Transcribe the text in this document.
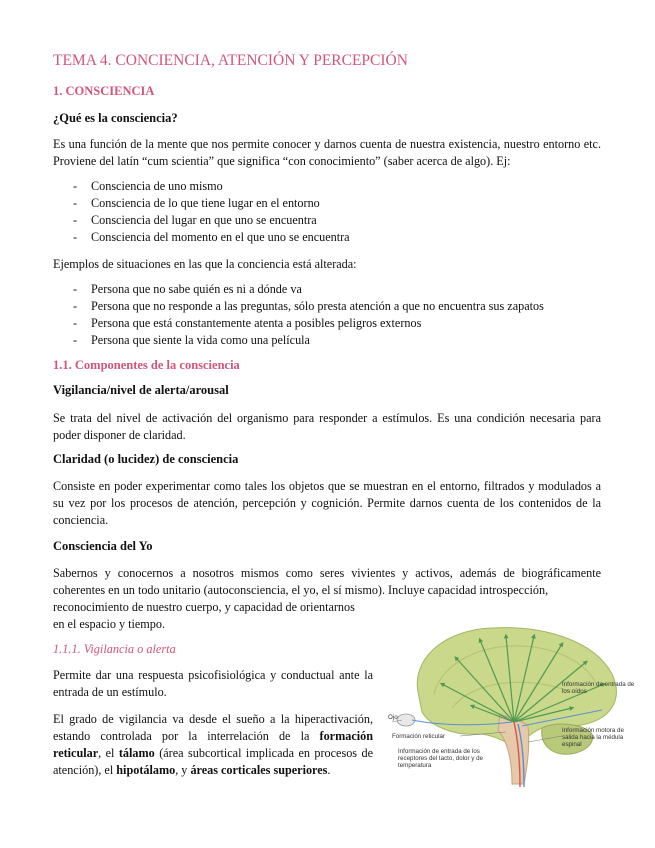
TEMA 4. CONCIENCIA, ATENCIÓN Y PERCEPCIÓN
1. CONSCIENCIA
¿Qué es la consciencia?
Es una función de la mente que nos permite conocer y darnos cuenta de nuestra existencia, nuestro entorno etc. Proviene del latín “cum scientia” que significa “con conocimiento” (saber acerca de algo). Ej:
- Consciencia de uno mismo
- Consciencia de lo que tiene lugar en el entorno
- Consciencia del lugar en que uno se encuentra
- Consciencia del momento en el que uno se encuentra
Ejemplos de situaciones en las que la conciencia está alterada:
- Persona que no sabe quién es ni a dónde va
- Persona que no responde a las preguntas, sólo presta atención a que no encuentra sus zapatos
- Persona que está constantemente atenta a posibles peligros externos
- Persona que siente la vida como una película
1.1. Componentes de la consciencia
Vigilancia/nivel de alerta/arousal
Se trata del nivel de activación del organismo para responder a estímulos. Es una condición necesaria para poder disponer de claridad.
Claridad (o lucidez) de consciencia
Consiste en poder experimentar como tales los objetos que se muestran en el entorno, filtrados y modulados a su vez por los procesos de atención, percepción y cognición. Permite darnos cuenta de los contenidos de la conciencia.
Consciencia del Yo
Sabernos y conocernos a nosotros mismos como seres vivientes y activos, además de biográficamente coherentes en un todo unitario (autoconsciencia, el yo, el sí mismo). Incluye capacidad introspección,
reconocimiento de nuestro cuerpo, y capacidad de orientarnos
en el espacio y tiempo.
1.1.1. Vigilancia o alerta
Permite dar una respuesta psicofisiológica y conductual ante la entrada de un estímulo.
El grado de vigilancia va desde el sueño a la hiperactivación, estando controlada por la interrelación de la formación reticular, el tálamo (área subcortical implicada en procesos de atención), el hipotálamo, y áreas corticales superiores.
Ojo
Formación reticular
Información de entrada de los receptores del tacto, dolor y de temperatura
Información de entrada de los oídos
Información motora de salida hacia la médula espinal
